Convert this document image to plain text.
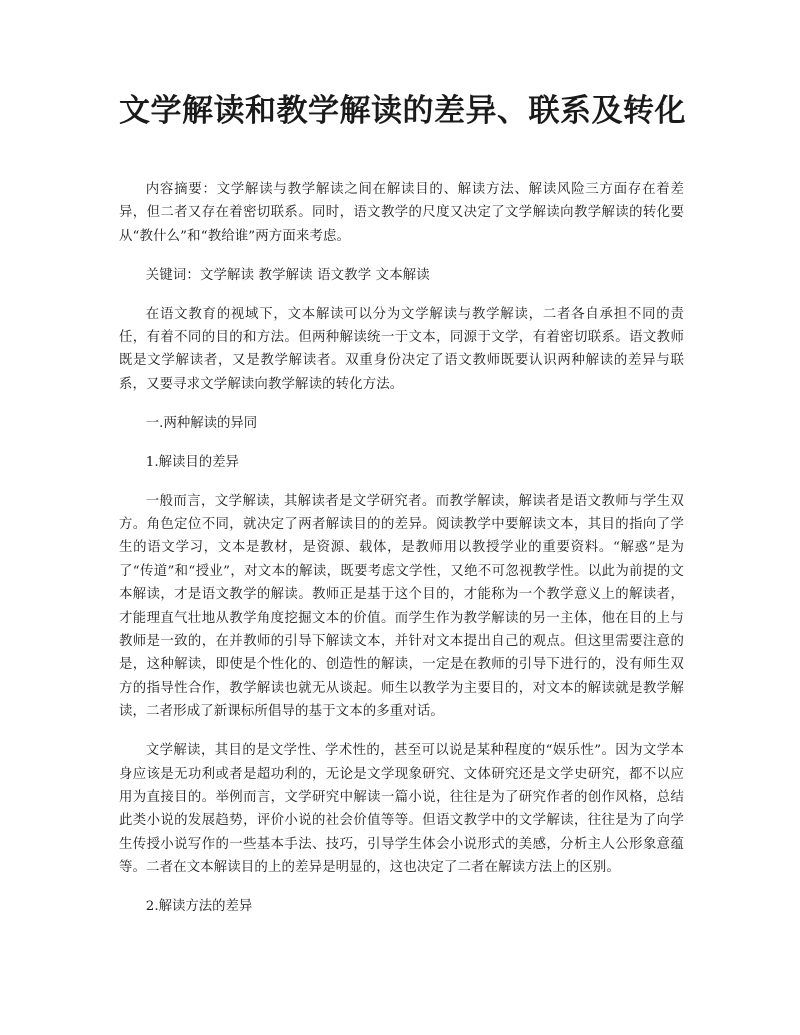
文学解读和教学解读的差异、联系及转化

内容摘要：文学解读与教学解读之间在解读目的、解读方法、解读风险三方面存在着差异，但二者又存在着密切联系。同时，语文教学的尺度又决定了文学解读向教学解读的转化要从“教什么”和“教给谁”两方面来考虑。

关键词：文学解读 教学解读 语文教学 文本解读

在语文教育的视域下，文本解读可以分为文学解读与教学解读，二者各自承担不同的责任，有着不同的目的和方法。但两种解读统一于文本，同源于文学，有着密切联系。语文教师既是文学解读者，又是教学解读者。双重身份决定了语文教师既要认识两种解读的差异与联系，又要寻求文学解读向教学解读的转化方法。

一.两种解读的异同

1.解读目的差异

一般而言，文学解读，其解读者是文学研究者。而教学解读，解读者是语文教师与学生双方。角色定位不同，就决定了两者解读目的的差异。阅读教学中要解读文本，其目的指向了学生的语文学习，文本是教材，是资源、载体，是教师用以教授学业的重要资料。“解惑”是为了“传道”和“授业”，对文本的解读，既要考虑文学性，又绝不可忽视教学性。以此为前提的文本解读，才是语文教学的解读。教师正是基于这个目的，才能称为一个教学意义上的解读者，才能理直气壮地从教学角度挖掘文本的价值。而学生作为教学解读的另一主体，他在目的上与教师是一致的，在并教师的引导下解读文本，并针对文本提出自己的观点。但这里需要注意的是，这种解读，即使是个性化的、创造性的解读，一定是在教师的引导下进行的，没有师生双方的指导性合作，教学解读也就无从谈起。师生以教学为主要目的，对文本的解读就是教学解读，二者形成了新课标所倡导的基于文本的多重对话。

文学解读，其目的是文学性、学术性的，甚至可以说是某种程度的“娱乐性”。因为文学本身应该是无功利或者是超功利的，无论是文学现象研究、文体研究还是文学史研究，都不以应用为直接目的。举例而言，文学研究中解读一篇小说，往往是为了研究作者的创作风格，总结此类小说的发展趋势，评价小说的社会价值等等。但语文教学中的文学解读，往往是为了向学生传授小说写作的一些基本手法、技巧，引导学生体会小说形式的美感，分析主人公形象意蕴等。二者在文本解读目的上的差异是明显的，这也决定了二者在解读方法上的区别。

2.解读方法的差异
